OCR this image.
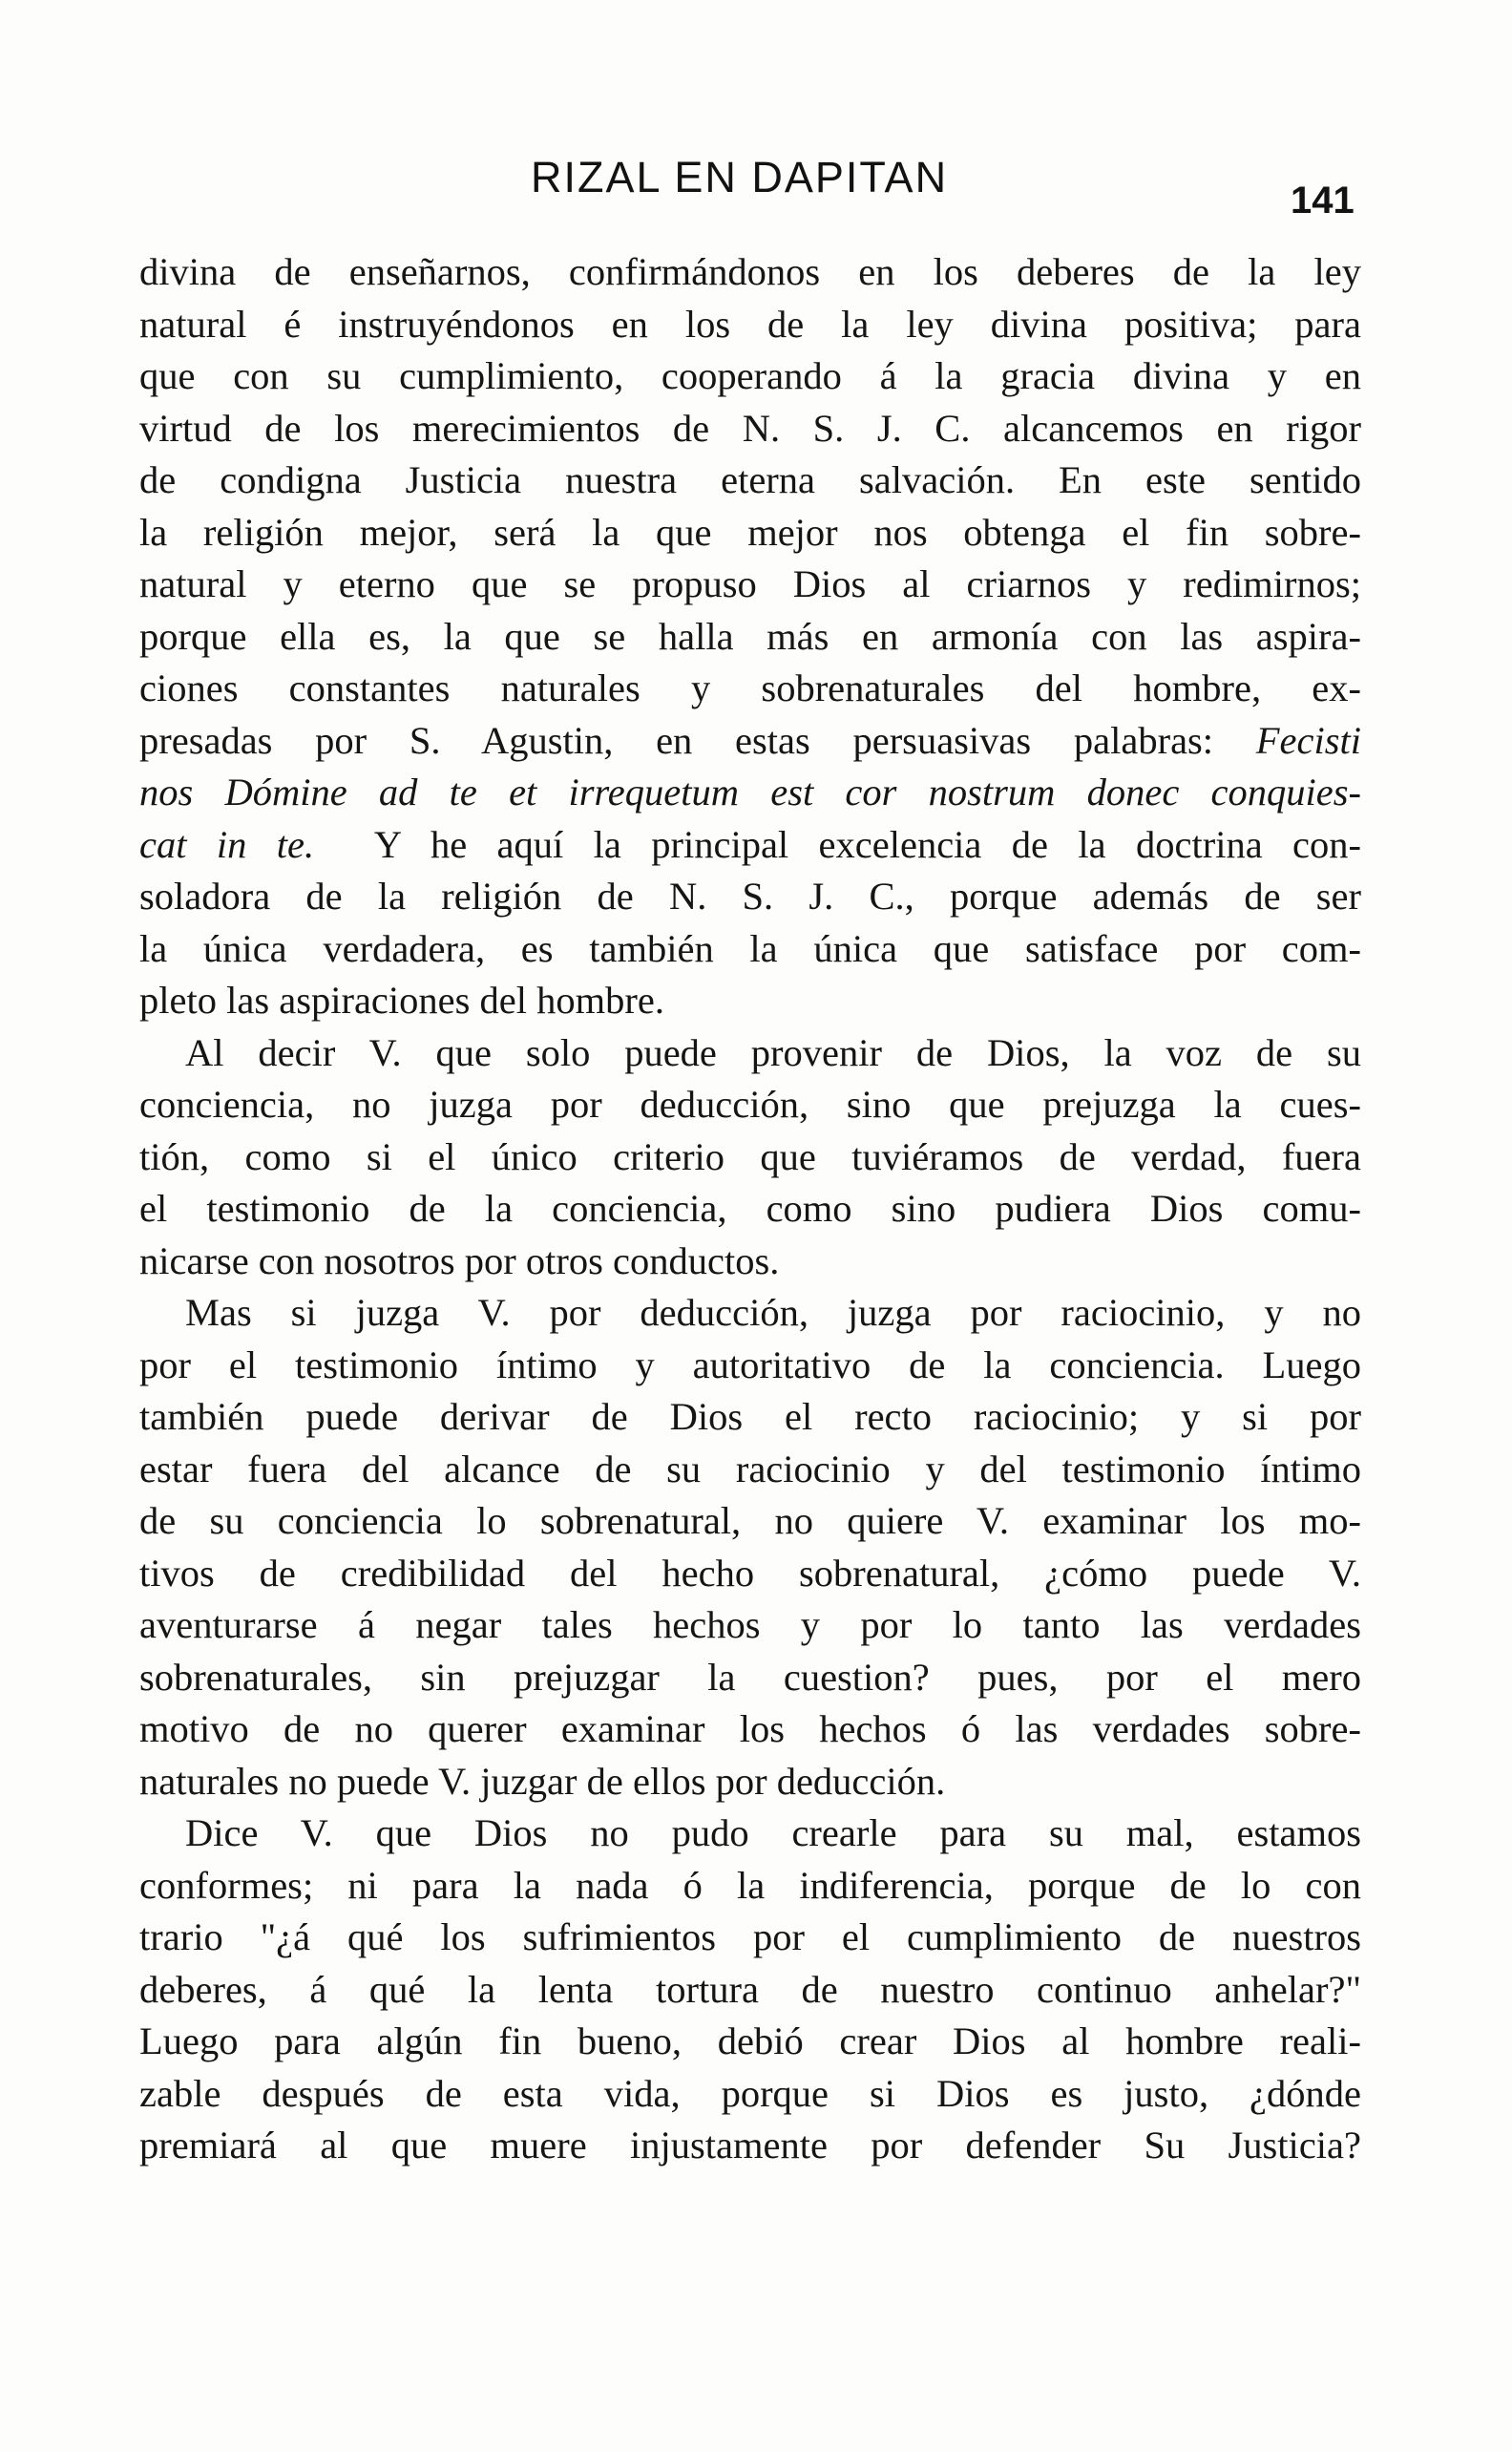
RIZAL EN DAPITAN	141
divina de enseñarnos, confirmándonos en los deberes de la ley
natural é instruyéndonos en los de la ley divina positiva; para
que con su cumplimiento, cooperando á la gracia divina y en
virtud de los merecimientos de N. S. J. C. alcancemos en rigor
de condigna Justicia nuestra eterna salvación. En este sentido
la religión mejor, será la que mejor nos obtenga el fin sobre-
natural y eterno que se propuso Dios al criarnos y redimirnos;
porque ella es, la que se halla más en armonía con las aspira-
ciones constantes naturales y sobrenaturales del hombre, ex-
presadas por S. Agustin, en estas persuasivas palabras: Fecisti
nos Dómine ad te et irrequetum est cor nostrum donec conquies-
cat in te. Y he aquí la principal excelencia de la doctrina con-
soladora de la religión de N. S. J. C., porque además de ser
la única verdadera, es también la única que satisface por com-
pleto las aspiraciones del hombre.
Al decir V. que solo puede provenir de Dios, la voz de su
conciencia, no juzga por deducción, sino que prejuzga la cues-
tión, como si el único criterio que tuviéramos de verdad, fuera
el testimonio de la conciencia, como sino pudiera Dios comu-
nicarse con nosotros por otros conductos.
Mas si juzga V. por deducción, juzga por raciocinio, y no
por el testimonio íntimo y autoritativo de la conciencia. Luego
también puede derivar de Dios el recto raciocinio; y si por
estar fuera del alcance de su raciocinio y del testimonio íntimo
de su conciencia lo sobrenatural, no quiere V. examinar los mo-
tivos de credibilidad del hecho sobrenatural, ¿cómo puede V.
aventurarse á negar tales hechos y por lo tanto las verdades
sobrenaturales, sin prejuzgar la cuestion? pues, por el mero
motivo de no querer examinar los hechos ó las verdades sobre-
naturales no puede V. juzgar de ellos por deducción.
Dice V. que Dios no pudo crearle para su mal, estamos
conformes; ni para la nada ó la indiferencia, porque de lo con
trario "¿á qué los sufrimientos por el cumplimiento de nuestros
deberes, á qué la lenta tortura de nuestro continuo anhelar?"
Luego para algún fin bueno, debió crear Dios al hombre reali-
zable después de esta vida, porque si Dios es justo, ¿dónde
premiará al que muere injustamente por defender Su Justicia?
